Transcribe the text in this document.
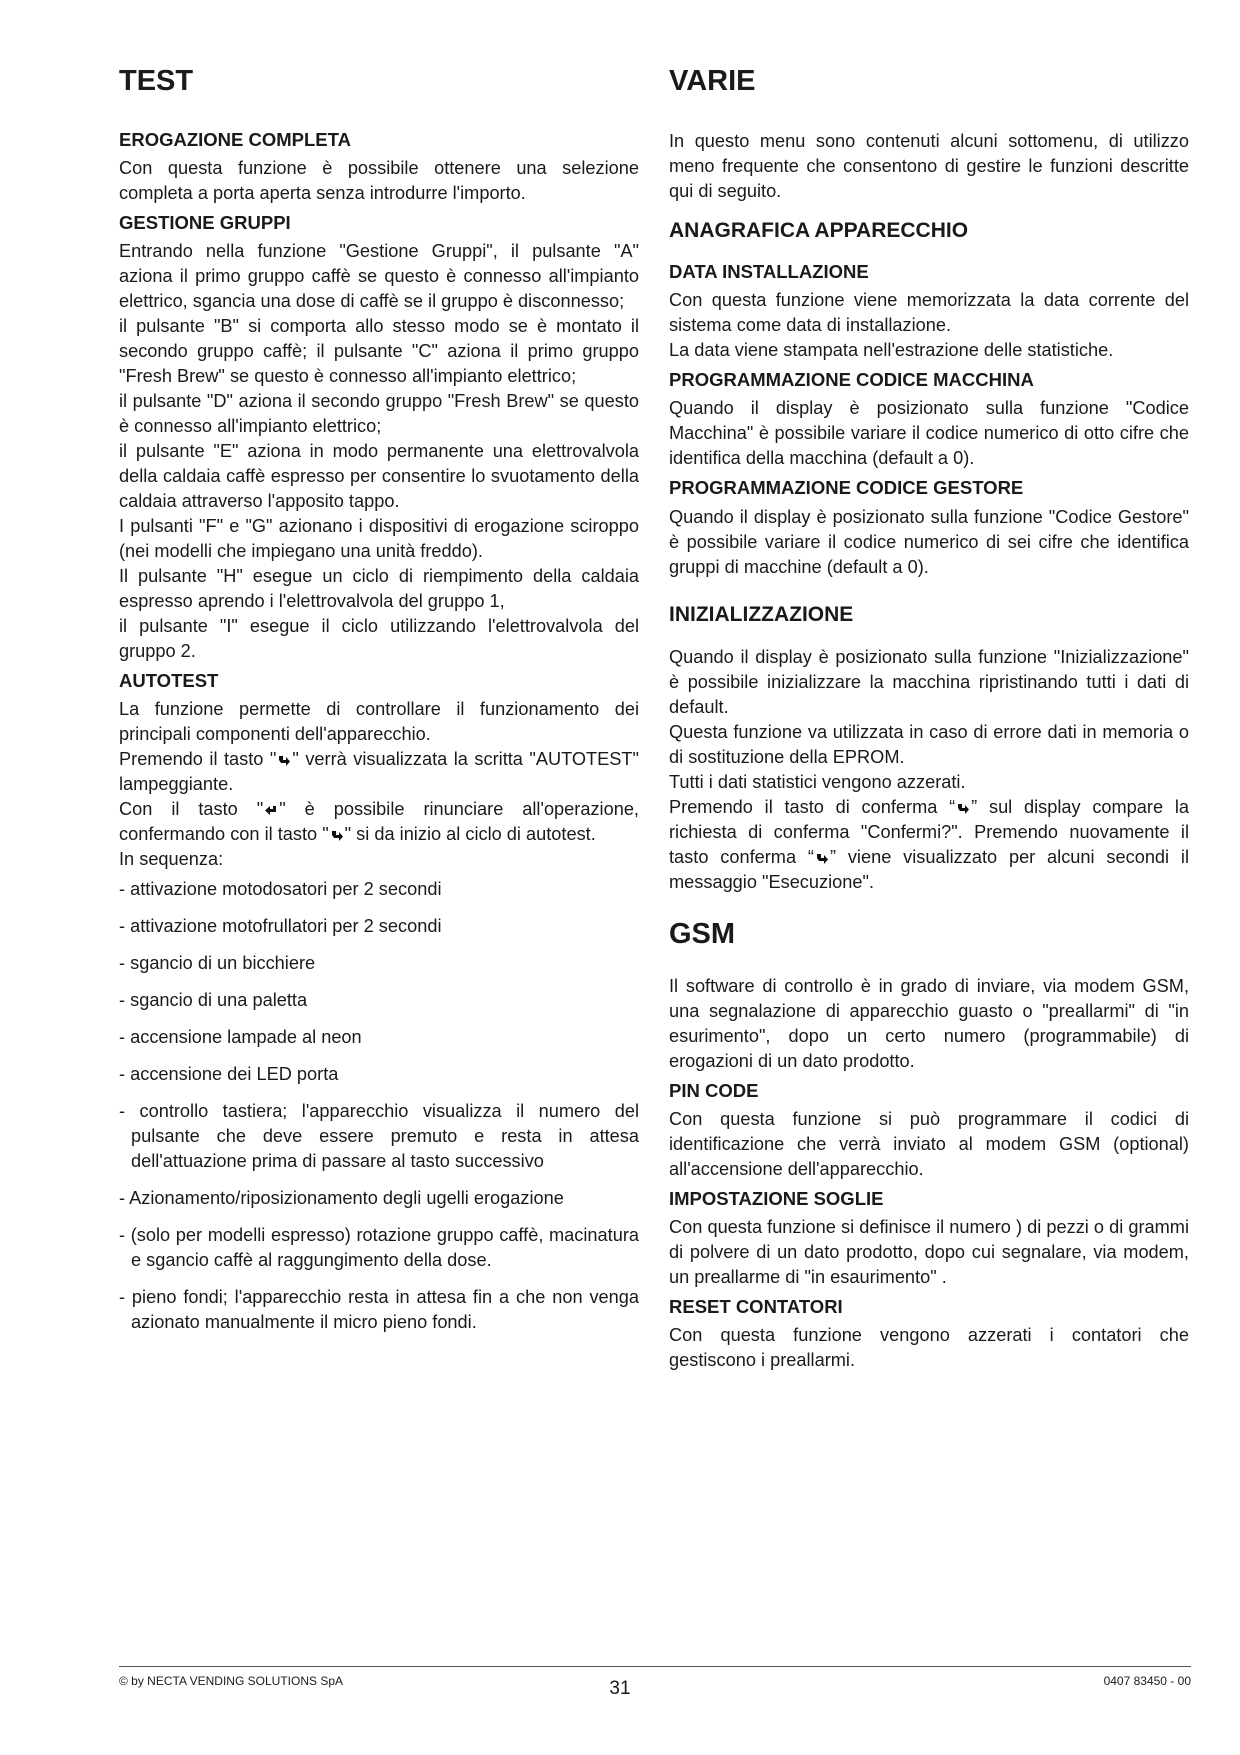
TEST
EROGAZIONE COMPLETA

Con questa funzione è possibile ottenere una selezione completa a porta aperta senza introdurre l'importo.

GESTIONE GRUPPI

Entrando nella funzione "Gestione Gruppi", il pulsante "A" aziona il primo gruppo caffè se questo è connesso all'impianto elettrico, sgancia una dose di caffè se il gruppo è disconnesso;

il pulsante "B" si comporta allo stesso modo se è montato il secondo gruppo caffè; il pulsante "C" aziona il primo gruppo "Fresh Brew" se questo è connesso all'impianto elettrico;

il pulsante "D" aziona il secondo gruppo "Fresh Brew" se questo è connesso all'impianto elettrico;

il pulsante "E" aziona in modo permanente una elettrovalvola della caldaia caffè espresso per consentire lo svuotamento della caldaia attraverso l'apposito tappo.

I pulsanti "F" e "G" azionano i dispositivi di erogazione sciroppo (nei modelli che impiegano una unità freddo).

Il pulsante "H" esegue un ciclo di riempimento della caldaia espresso aprendo i l'elettrovalvola del gruppo 1,

il pulsante "I" esegue il ciclo utilizzando l'elettrovalvola del gruppo 2.

AUTOTEST

La funzione permette di controllare il funzionamento dei principali componenti dell'apparecchio.

Premendo il tasto " " verrà visualizzata la scritta "AUTOTEST" lampeggiante.

Con il tasto " " è possibile rinunciare all'operazione, confermando con il tasto " " si da inizio al ciclo di autotest.

In sequenza:

- attivazione motodosatori per 2 secondi
- attivazione motofrullatori per 2 secondi
- sgancio di un bicchiere
- sgancio di una paletta
- accensione lampade al neon
- accensione dei LED porta
- controllo tastiera; l'apparecchio visualizza il numero del pulsante che deve essere premuto e resta in attesa dell'attuazione prima di passare al tasto successivo
- Azionamento/riposizionamento degli ugelli erogazione
- (solo per modelli espresso) rotazione gruppo caffè, macinatura e sgancio caffè al raggungimento della dose.
- pieno fondi; l'apparecchio resta in attesa fin a che non venga azionato manualmente il micro pieno fondi.
VARIE

In questo menu sono contenuti alcuni sottomenu, di utilizzo meno frequente che consentono di gestire le funzioni descritte qui di seguito.

ANAGRAFICA APPARECCHIO
DATA INSTALLAZIONE

Con questa funzione viene memorizzata la data corrente del sistema come data di installazione.

La data viene stampata nell'estrazione delle statistiche.

PROGRAMMAZIONE CODICE MACCHINA

Quando il display è posizionato sulla funzione "Codice Macchina" è possibile variare il codice numerico di otto cifre che identifica della macchina (default a 0).

PROGRAMMAZIONE CODICE GESTORE

Quando il display è posizionato sulla funzione "Codice Gestore" è possibile variare il codice numerico di sei cifre che identifica gruppi di macchine (default a 0).

INIZIALIZZAZIONE

Quando il display è posizionato sulla funzione "Inizializzazione" è possibile inizializzare la macchina ripristinando tutti i dati di default.

Questa funzione va utilizzata in caso di errore dati in memoria o di sostituzione della EPROM.

Tutti i dati statistici vengono azzerati.

Premendo il tasto di conferma “ ” sul display compare la richiesta di conferma "Confermi?". Premendo nuovamente il tasto conferma “ ” viene visualizzato per alcuni secondi il messaggio "Esecuzione".

GSM

Il software di controllo è in grado di inviare, via modem GSM, una segnalazione di apparecchio guasto o "preallarmi" di "in esurimento", dopo un certo numero (programmabile) di erogazioni di un dato prodotto.

PIN CODE

Con questa funzione si può programmare il codici di identificazione che verrà inviato al modem GSM (optional) all'accensione dell'apparecchio.

IMPOSTAZIONE SOGLIE

Con questa funzione si definisce il numero ) di pezzi o di grammi di polvere di un dato prodotto, dopo cui segnalare, via modem, un preallarme di "in esaurimento" .

RESET CONTATORI

Con questa funzione vengono azzerati i contatori che gestiscono i preallarmi.

© by NECTA VENDING SOLUTIONS SpA	31	0407 83450 - 00
